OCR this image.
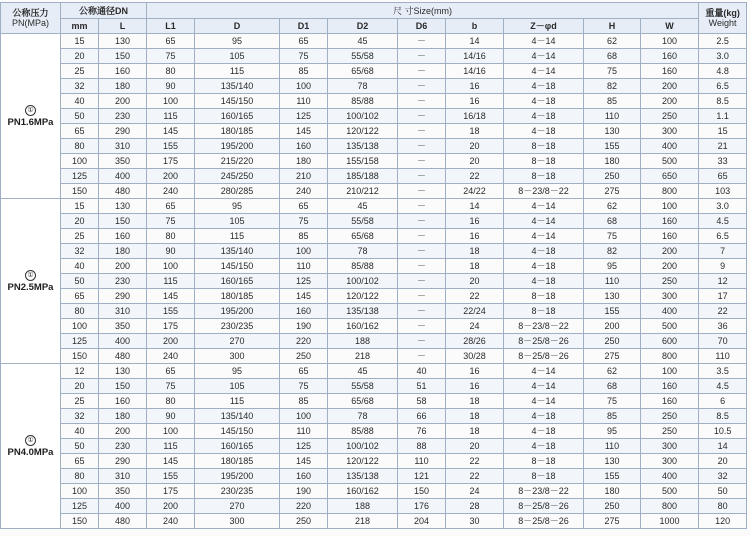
公称压力
PN(MPa)	公称通径DN		尺 寸Size(mm)									重量(kg)
Weight
	mm	L	L1	D	D1	D2	D6	b	Z－φd	H	W	
①
PN1.6MPa	15	130	65	95	65	45	－	14	4－14	62	100	2.5
	20	150	75	105	75	55/58	－	14/16	4－14	68	160	3.0
	25	160	80	115	85	65/68	－	14/16	4－14	75	160	4.8
	32	180	90	135/140	100	78	－	16	4－18	82	200	6.5
	40	200	100	145/150	110	85/88	－	16	4－18	85	200	8.5
	50	230	115	160/165	125	100/102	－	16/18	4－18	110	250	1.1
	65	290	145	180/185	145	120/122	－	18	4－18	130	300	15
	80	310	155	195/200	160	135/138	－	20	8－18	155	400	21
	100	350	175	215/220	180	155/158	－	20	8－18	180	500	33
	125	400	200	245/250	210	185/188	－	22	8－18	250	650	65
	150	480	240	280/285	240	210/212	－	24/22	8－23/8－22	275	800	103
①
PN2.5MPa	15	130	65	95	65	45	－	14	4－14	62	100	3.0
	20	150	75	105	75	55/58	－	16	4－14	68	160	4.5
	25	160	80	115	85	65/68	－	16	4－14	75	160	6.5
	32	180	90	135/140	100	78	－	18	4－18	82	200	7
	40	200	100	145/150	110	85/88	－	18	4－18	95	200	9
	50	230	115	160/165	125	100/102	－	20	4－18	110	250	12
	65	290	145	180/185	145	120/122	－	22	8－18	130	300	17
	80	310	155	195/200	160	135/138	－	22/24	8－18	155	400	22
	100	350	175	230/235	190	160/162	－	24	8－23/8－22	200	500	36
	125	400	200	270	220	188	－	28/26	8－25/8－26	250	600	70
	150	480	240	300	250	218	－	30/28	8－25/8－26	275	800	110
①
PN4.0MPa	12	130	65	95	65	45	40	16	4－14	62	100	3.5
	20	150	75	105	75	55/58	51	16	4－14	68	160	4.5
	25	160	80	115	85	65/68	58	18	4－14	75	160	6
	32	180	90	135/140	100	78	66	18	4－18	85	250	8.5
	40	200	100	145/150	110	85/88	76	18	4－18	95	250	10.5
	50	230	115	160/165	125	100/102	88	20	4－18	110	300	14
	65	290	145	180/185	145	120/122	110	22	8－18	130	300	20
	80	310	155	195/200	160	135/138	121	22	8－18	155	400	32
	100	350	175	230/235	190	160/162	150	24	8－23/8－22	180	500	50
	125	400	200	270	220	188	176	28	8－25/8－26	250	800	80
	150	480	240	300	250	218	204	30	8－25/8－26	275	1000	120
